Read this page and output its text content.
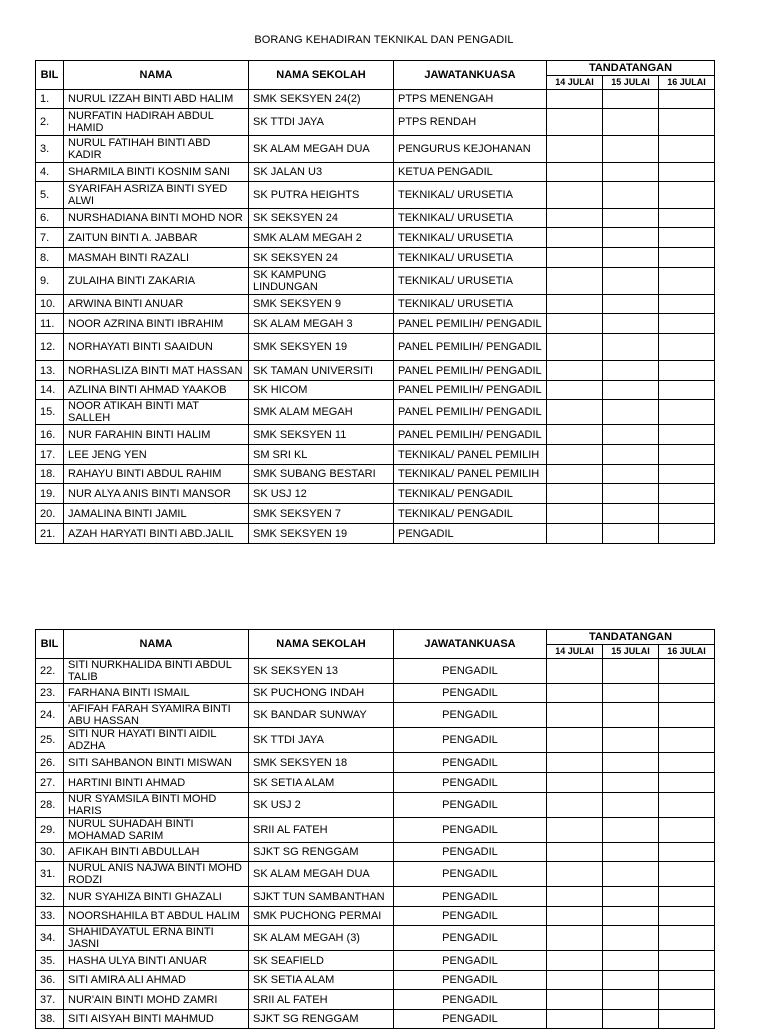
BORANG KEHADIRAN TEKNIKAL DAN PENGADIL
BIL	NAMA	NAMA SEKOLAH	JAWATANKUASA	TANDATANGAN		
				14 JULAI	15 JULAI	16 JULAI
1.	NURUL IZZAH BINTI ABD HALIM	SMK SEKSYEN 24(2)	PTPS MENENGAH			
2.	NURFATIN HADIRAH ABDUL HAMID	SK TTDI JAYA	PTPS RENDAH			
3.	NURUL FATIHAH BINTI ABD KADIR	SK ALAM MEGAH DUA	PENGURUS KEJOHANAN			
4.	SHARMILA BINTI KOSNIM SANI	SK JALAN U3	KETUA PENGADIL			
5.	SYARIFAH ASRIZA BINTI SYED ALWI	SK PUTRA HEIGHTS	TEKNIKAL/ URUSETIA			
6.	NURSHADIANA BINTI MOHD NOR	SK SEKSYEN 24	TEKNIKAL/ URUSETIA			
7.	ZAITUN BINTI A. JABBAR	SMK ALAM MEGAH 2	TEKNIKAL/ URUSETIA			
8.	MASMAH BINTI RAZALI	SK SEKSYEN 24	TEKNIKAL/ URUSETIA			
9.	ZULAIHA BINTI ZAKARIA	SK KAMPUNG LINDUNGAN	TEKNIKAL/ URUSETIA			
10.	ARWINA BINTI ANUAR	SMK SEKSYEN 9	TEKNIKAL/ URUSETIA			
11.	NOOR AZRINA BINTI IBRAHIM	SK ALAM MEGAH 3	PANEL PEMILIH/ PENGADIL			
12.	NORHAYATI BINTI SAAIDUN	SMK SEKSYEN 19	PANEL PEMILIH/ PENGADIL			
13.	NORHASLIZA BINTI MAT HASSAN	SK TAMAN UNIVERSITI	PANEL PEMILIH/ PENGADIL			
14.	AZLINA BINTI AHMAD YAAKOB	SK HICOM	PANEL PEMILIH/ PENGADIL			
15.	NOOR ATIKAH BINTI MAT SALLEH	SMK ALAM MEGAH	PANEL PEMILIH/ PENGADIL			
16.	NUR FARAHIN BINTI HALIM	SMK SEKSYEN 11	PANEL PEMILIH/ PENGADIL			
17.	LEE JENG YEN	SM SRI KL	TEKNIKAL/ PANEL PEMILIH			
18.	RAHAYU BINTI ABDUL RAHIM	SMK SUBANG BESTARI	TEKNIKAL/ PANEL PEMILIH			
19.	NUR ALYA ANIS BINTI MANSOR	SK USJ 12	TEKNIKAL/ PENGADIL			
20.	JAMALINA BINTI JAMIL	SMK SEKSYEN 7	TEKNIKAL/ PENGADIL			
21.	AZAH HARYATI BINTI ABD.JALIL	SMK SEKSYEN 19	PENGADIL			
BIL	NAMA	NAMA SEKOLAH	JAWATANKUASA	TANDATANGAN		
				14 JULAI	15 JULAI	16 JULAI
22.	SITI NURKHALIDA BINTI ABDUL TALIB	SK SEKSYEN 13	PENGADIL			
23.	FARHANA BINTI ISMAIL	SK PUCHONG INDAH	PENGADIL			
24.	'AFIFAH FARAH SYAMIRA BINTI ABU HASSAN	SK BANDAR SUNWAY	PENGADIL			
25.	SITI NUR HAYATI BINTI AIDIL ADZHA	SK TTDI JAYA	PENGADIL			
26.	SITI SAHBANON BINTI MISWAN	SMK SEKSYEN 18	PENGADIL			
27.	HARTINI BINTI AHMAD	SK SETIA ALAM	PENGADIL			
28.	NUR SYAMSILA BINTI MOHD HARIS	SK USJ 2	PENGADIL			
29.	NURUL SUHADAH BINTI MOHAMAD SARIM	SRII AL FATEH	PENGADIL			
30.	AFIKAH BINTI ABDULLAH	SJKT SG RENGGAM	PENGADIL			
31.	NURUL ANIS NAJWA BINTI MOHD RODZI	SK ALAM MEGAH DUA	PENGADIL			
32.	NUR SYAHIZA BINTI GHAZALI	SJKT TUN SAMBANTHAN	PENGADIL			
33.	NOORSHAHILA BT ABDUL HALIM	SMK PUCHONG PERMAI	PENGADIL			
34.	SHAHIDAYATUL ERNA BINTI JASNI	SK ALAM MEGAH (3)	PENGADIL			
35.	HASHA ULYA BINTI ANUAR	SK SEAFIELD	PENGADIL			
36.	SITI AMIRA ALI AHMAD	SK SETIA ALAM	PENGADIL			
37.	NUR'AIN BINTI MOHD ZAMRI	SRII AL FATEH	PENGADIL			
38.	SITI AISYAH BINTI MAHMUD	SJKT SG RENGGAM	PENGADIL			
